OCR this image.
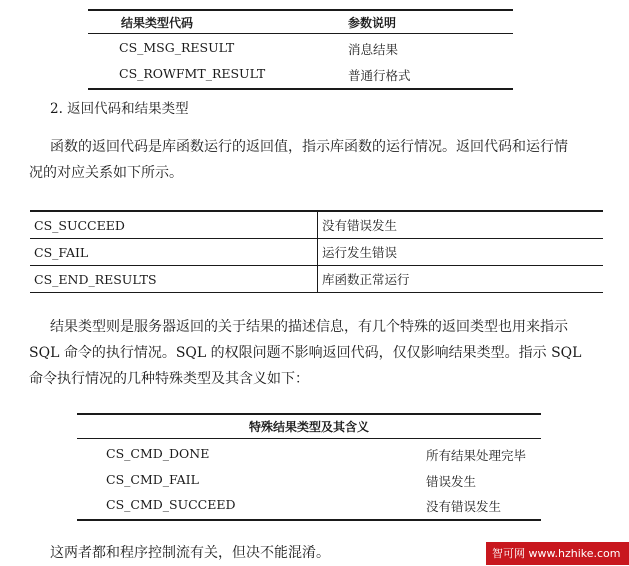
结果类型代码	参数说明
CS_MSG_RESULT	消息结果
CS_ROWFMT_RESULT	普通行格式
2. 返回代码和结果类型
函数的返回代码是库函数运行的返回值，指示库函数的运行情况。返回代码和运行情
况的对应关系如下所示。
CS_SUCCEED	没有错误发生
CS_FAIL	运行发生错误
CS_END_RESULTS	库函数正常运行
结果类型则是服务器返回的关于结果的描述信息，有几个特殊的返回类型也用来指示
SQL 命令的执行情况。SQL 的权限问题不影响返回代码，仅仅影响结果类型。指示 SQL
命令执行情况的几种特殊类型及其含义如下：
特殊结果类型及其含义
CS_CMD_DONE	所有结果处理完毕
CS_CMD_FAIL	错误发生
CS_CMD_SUCCEED	没有错误发生
这两者都和程序控制流有关，但决不能混淆。	智可网 www.hzhike.com
